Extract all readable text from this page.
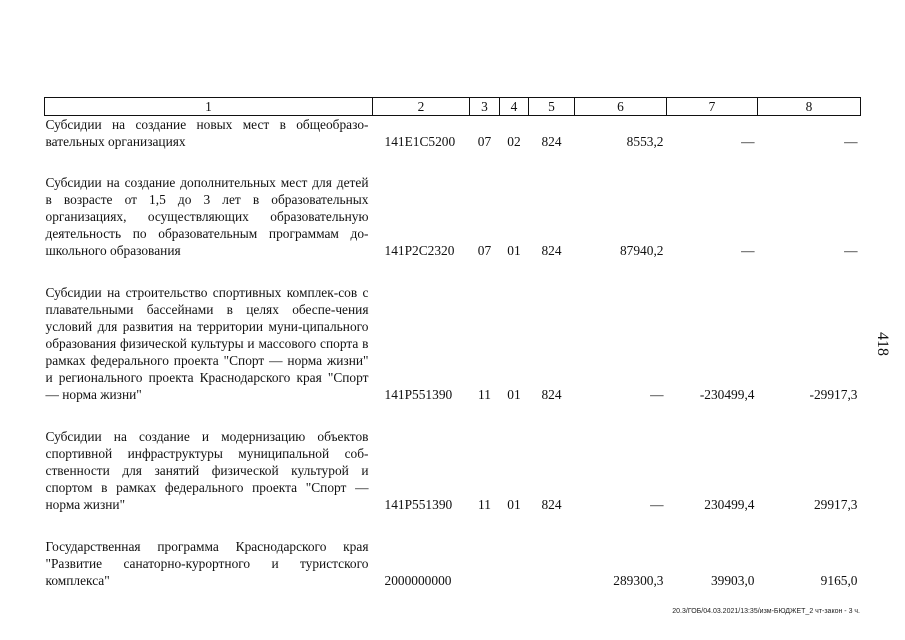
1	2	3	4	5	6	7	8
Субсидии на создание новых мест в общеобразо-вательных организациях	141E1C5200	07	02	824	8553,2	—	—

Субсидии на создание дополнительных мест для детей в возрасте от 1,5 до 3 лет в образовательных организациях, осуществляющих образовательную деятельность по образовательным программам до-школьного образования	141P2C2320	07	01	824	87940,2	—	—

Субсидии на строительство спортивных комплек-сов с плавательными бассейнами в целях обеспе-чения условий для развития на территории муни-ципального образования физической культуры и массового спорта в рамках федерального проекта "Спорт — норма жизни" и регионального проекта Краснодарского края "Спорт — норма жизни"	141P551390	11	01	824	—	-230499,4	-29917,3

Субсидии на создание и модернизацию объектов спортивной инфраструктуры муниципальной соб-ственности для занятий физической культурой и спортом в рамках федерального проекта "Спорт — норма жизни"	141P551390	11	01	824	—	230499,4	29917,3

Государственная программа Краснодарского края "Развитие санаторно-курортного и туристского комплекса"	2000000000				289300,3	39903,0	9165,0
418
20.3/ГОБ/04.03.2021/13:35/изм-БЮДЖЕТ_2 чт-закон - 3 ч.
